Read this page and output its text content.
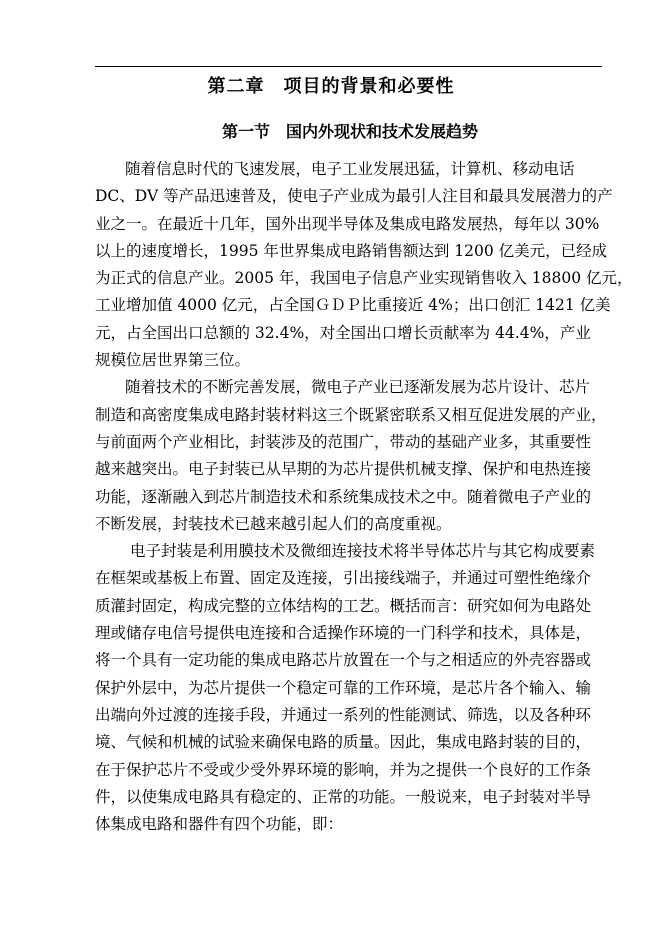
第二章　项目的背景和必要性
第一节　国内外现状和技术发展趋势
随着信息时代的飞速发展，电子工业发展迅猛，计算机、移动电话
DC、DV 等产品迅速普及，使电子产业成为最引人注目和最具发展潜力的产
业之一。在最近十几年，国外出现半导体及集成电路发展热，每年以 30%
以上的速度增长，1995 年世界集成电路销售额达到 1200 亿美元，已经成
为正式的信息产业。2005 年，我国电子信息产业实现销售收入 18800 亿元，
工业增加值 4000 亿元，占全国ＧＤＰ比重接近 4%；出口创汇 1421 亿美
元，占全国出口总额的 32.4%，对全国出口增长贡献率为 44.4%，产业
规模位居世界第三位。
随着技术的不断完善发展，微电子产业已逐渐发展为芯片设计、芯片
制造和高密度集成电路封装材料这三个既紧密联系又相互促进发展的产业，
与前面两个产业相比，封装涉及的范围广，带动的基础产业多，其重要性
越来越突出。电子封装已从早期的为芯片提供机械支撑、保护和电热连接
功能，逐渐融入到芯片制造技术和系统集成技术之中。随着微电子产业的
不断发展，封装技术已越来越引起人们的高度重视。
电子封装是利用膜技术及微细连接技术将半导体芯片与其它构成要素
在框架或基板上布置、固定及连接，引出接线端子，并通过可塑性绝缘介
质灌封固定，构成完整的立体结构的工艺。概括而言：研究如何为电路处
理或储存电信号提供电连接和合适操作环境的一门科学和技术，具体是，
将一个具有一定功能的集成电路芯片放置在一个与之相适应的外壳容器或
保护外层中，为芯片提供一个稳定可靠的工作环境，是芯片各个输入、输
出端向外过渡的连接手段，并通过一系列的性能测试、筛选，以及各种环
境、气候和机械的试验来确保电路的质量。因此，集成电路封装的目的，
在于保护芯片不受或少受外界环境的影响，并为之提供一个良好的工作条
件，以使集成电路具有稳定的、正常的功能。一般说来，电子封装对半导
体集成电路和器件有四个功能，即：
